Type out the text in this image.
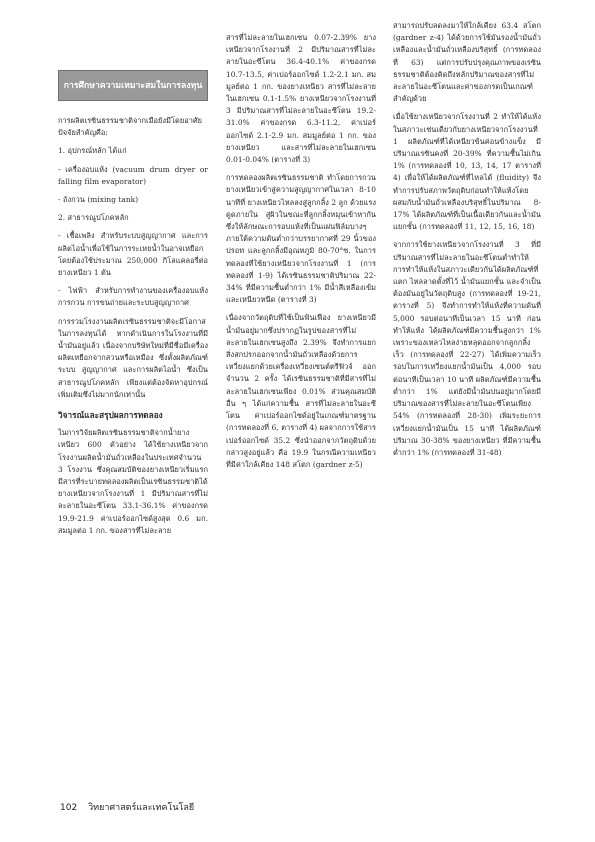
การศึกษาความเหมาะสมในการลงทุน

การผลิตเรซินธรรมชาติจากเมือยังมีโดยอาศัยปัจจัยสำคัญคือ:

1. อุปกรณ์หลัก ได้แก่

- เครื่องอบแห้ง (vacuum drum dryer or falling film evaporator)

- ถังกวน (mixing tank)

2. สาธารณูปโภคหลัก

- เชื้อเพลิง สำหรับระบบสูญญากาศ และการผลิตไอน้ำเพื่อใช้ในการระเหยน้ำในอาจเหยือก โดยต้องใช้ประมาณ 250,000 กิโลแคลอรี่ต่อยางเหนียว 1 ตัน

- ไฟฟ้า สำหรับการทำงานของเครื่องอบแห้ง การกวน การขนถ่ายและระบบสูญญากาศ

การรวมโรงงานผลิตเรซินธรรมชาติจะมีโอกาสในการลงทุนได้ หากดำเนินการในโรงงานที่มีน้ำมันอยู่แล้ว เนื่องจากบริษัทใหม่ที่มีชื่อมีเครื่องผลิตเหยือกจากสวนหรือเหมือง ซึ่งตั้งผลิตภัณฑ์ระบบ สูญญากาศ และการผลิตไอน้ำ ซึ่งเป็นสาธารณูปโภคหลัก เพียงแต่ต้องจัดหาอุปกรณ์เพิ่มเติมซึ่งไม่มากนักเท่านั้น

วิจารณ์และสรุปผลการทดลอง

ในการวิจัยผลิตเรซินธรรมชาติจากน้ำยางเหนียว 600 ตัวอย่าง ได้ใช้ยางเหนียวจากโรงงานผลิตน้ำมันถั่วเหลืองในประเทศจำนวน 3 โรงงาน ซึ่งคุณสมบัติของยางเหนียวเริ่มแรกมีสารที่ระบายทดลองผลิตเป็นเรซินธรรมชาติได้ ยางเหนียวจากโรงงานที่ 1 มีปริมาณสารที่ไม่ละลายในอะซีโตน 33.1-36.1% ค่าของกรด 19.9-21.9 ค่าเปอร์ออกไซด์สูงสุด 0.6 มก. สมมูลต่อ 1 กก. ของสารที่ไม่ละลาย

สารที่ไม่ละลายในเฮกเซน 0.07-2.39% ยางเหนียวจากโรงงานที่ 2 มีปริมาณสารที่ไม่ละลายในอะซีโตน 36.4-40.1% ค่าของกรด 10.7-13.5, ค่าเปอร์ออกไซด์ 1.2-2.1 มก. สมมูลย์ต่อ 1 กก. ของยางเหนียว สารที่ไม่ละลายในเฮกเซน 0.1-1.5% ยางเหนียวจากโรงงานที่ 3 มีปริมาณสารที่ไม่ละลายในอะซีโตน 19.2-31.0% ค่าของกรด 6.3-11.2, ค่าเปอร์ออกไซด์ 2.1-2.9 มก. สมมูลย์ต่อ 1 กก. ของยางเหนียว และสารที่ไม่ละลายในเฮกเซน 0.01-0.04% (ตารางที่ 3)

การทดลองผลิตเรซินธรรมชาติ ทำโดยการกวนยางเหนียวเข้าสู่ความสูญญากาศในเวลา 8-10 นาทีที่ ยางเหนียวไหลลงสู่ลูกกลิ้ง 2 ลูก ด้วยแรงดูดภายใน สู่ผิวในขณะที่ลูกกลิ้งหมุนเข้าหากัน ซึ่งให้ลักษณะการอบแห้งที่เป็นแผ่นฟิล์มบางๆ ภายใต้ความดันต่ำกว่าบรรยากาศที่ 29 นิ้วของปรอท และลูกกลิ้งมีอุณหภูมิ 80-70°ซ. ในการทดลองที่ใช้ยางเหนียวจากโรงงานที่ 1 (การทดลองที่ 1-9) ได้เรซินธรรมชาติปริมาณ 22-34% ที่มีความชื้นต่ำกว่า 1% มีน้ำสีเหลืองเข้มและเหนียวหนืด (ตารางที่ 3)

เนื่องจากวัตถุดิบที่ใช้เป็นฟันเฟือง ยางเหนียวมีน้ำมันอยู่มากซึ่งปรากฏในรูปของสารที่ไม่ละลายในเฮกเซนสูงถึง 2.39% จึงทำการแยกสิ่งสกปรกออกจากน้ำมันถั่วเหลืองด้วยการเหวี่ยงแยกด้วยเครื่องเหวี่ยงเซนต์ตรีฟิวจ์ ออกจำนวน 2 ครั้ง ได้เรซินธรรมชาติที่มีสารที่ไม่ละลายในเฮกเซนเพียง 0.01% ส่วนคุณสมบัติอื่น ๆ ได้แก่ความชื้น สารที่ไม่ละลายในอะซีโตน ค่าเปอร์ออกไซด์อยู่ในเกณฑ์มาตรฐาน (การทดลองที่ 6, ตารางที่ 4) ผลจากการใช้สารเปอร์ออกไซด์ 35.2 ซึ่งนำออกจากวัตถุดิบด้วยกล่าวสูงอยู่แล้ว คือ 19.9 ในกรณีความเหนียวที่มีค่าใกล้เคียง 148 สโตก (gardner z-5)

สามารถปรับลดลงมาให้ใกล้เคียง 63.4 สโตก (gardner z-4) ได้ด้วยการใช้มันรองน้ำมันถั่วเหลืองและน้ำมันถั่วเหลืองบริสุทธิ์ (การทดลองที่ 63) แต่การปรับปรุงคุณภาพของเรซินธรรมชาติต้องคิดถึงหลักปริมาณของสารที่ไม่ละลายในอะซีโตนและค่าของกรดเป็นเกณฑ์สำคัญด้วย

เมื่อใช้ยางเหนียวจากโรงงานที่ 2 ทำให้ได้แห้งในสภาวะเช่นเดียวกับยางเหนียวจากโรงงานที่ 1 ผลิตภัณฑ์ที่ได้เหนียวข้นค่อนข้างแข็ง มีปริมาณเรซินคงที่ 20-39% ที่ความชื้นไม่เกิน 1% (การทดลองที่ 10, 13, 14, 17 ตารางที่ 4) เพื่อให้ได้ผลิตภัณฑ์ที่ไหลได้ (fluidity) จึงทำการปรับสภาพวัตถุดิบก่อนทำให้แห้งโดยผสมกับน้ำมันถั่วเหลืองบริสุทธิ์ในปริมาณ 8-17% ได้ผลิตภัณฑ์ที่เป็นเนื้อเดียวกันและน้ำมันแยกชั้น (การทดลองที่ 11, 12, 15, 16, 18)

จากการใช้ยางเหนียวจากโรงงานที่ 3 ที่มีปริมาณสารที่ไม่ละลายในอะซีโตนต่ำทำให้การทำให้แห้งในสภาวะเดียวกันได้ผลิตภัณฑ์ที่แตก ไหลลาดตั้งที่ไว้ น้ำมันแยกชั้น และจำเป็นต้องมันอยู่ในวัตถุดิบสูง (การทดลองที่ 19-21, ตารางที่ 5) จึงทำการทำให้แห้งที่ความดันที่ 5,000 รอบต่อนาทีเป็นเวลา 15 นาที ก่อนทำให้แห้ง ได้ผลิตภัณฑ์มีความชื้นสูงกว่า 1% เพราะของเหลวไหลง่ายหลุดออกจากลูกกลิ้งเร็ว (การทดลองที่ 22-27) ได้เพิ่มความเร็วรอบในการเหวี่ยงแยกน้ำมันเป็น 4,000 รอบต่อนาทีเป็นเวลา 10 นาที ผลิตภัณฑ์มีความชื้นต่ำกว่า 1% แต่ยังมีน้ำมันปนอยู่มากโดยมีปริมาณของสารที่ไม่ละลายในอะซีโตนเพียง 54% (การทดลองที่ 28-30) เพิ่มระยะการเหวี่ยงแยกน้ำมันเป็น 15 นาที ได้ผลิตภัณฑ์ปริมาณ 30-38% ของยางเหนียว ที่มีความชื้นต่ำกว่า 1% (การทดลองที่ 31-48)

102 วิทยาศาสตร์และเทคโนโลยี
